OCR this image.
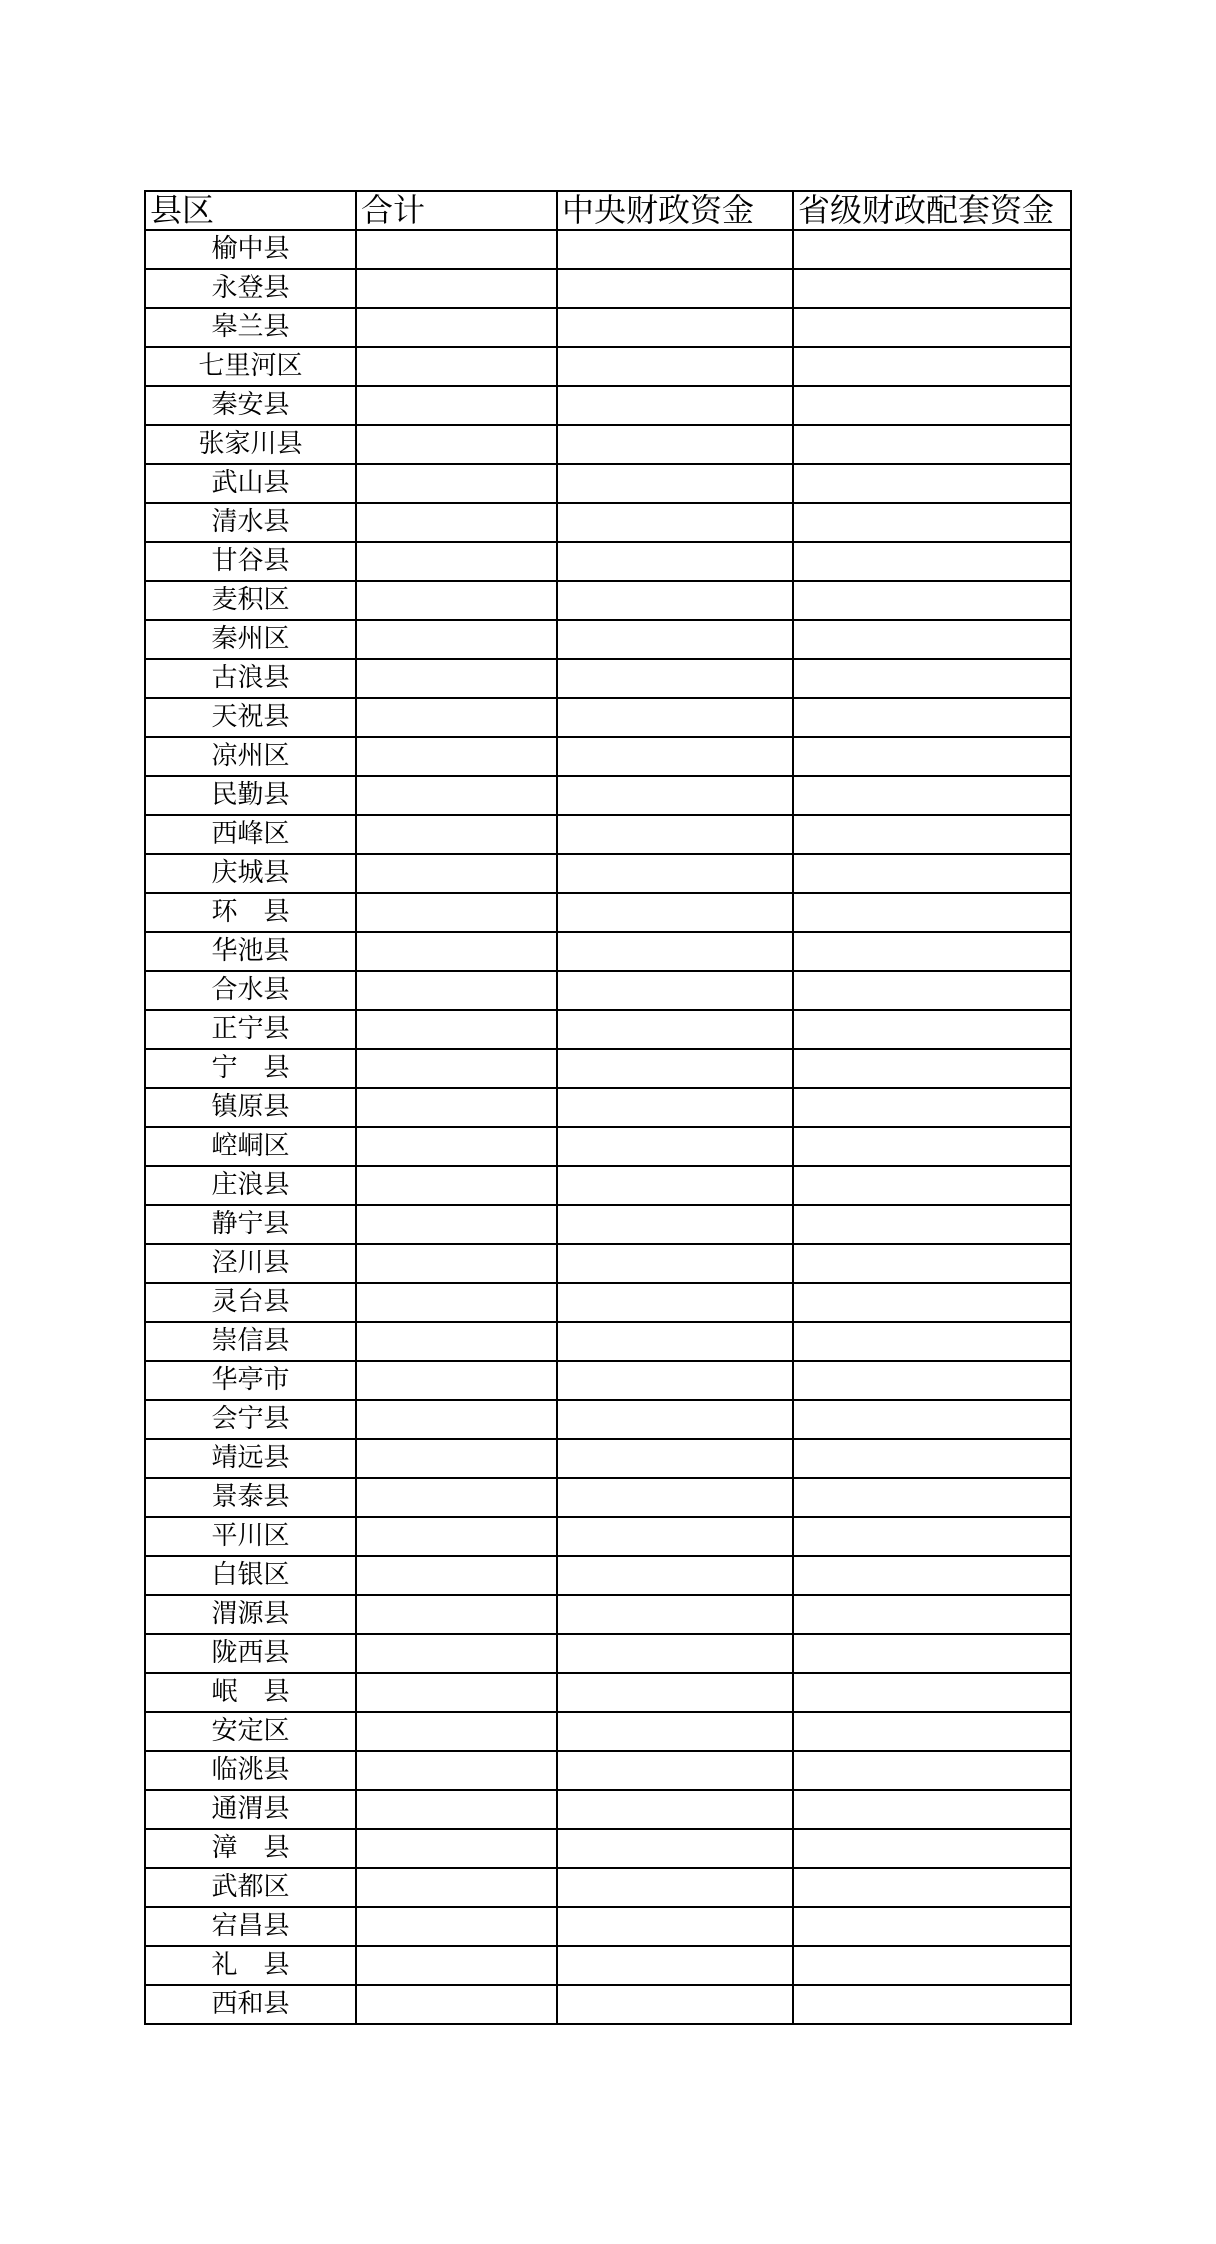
县区	合计	中央财政资金	省级财政配套资金
榆中县			
永登县			
皋兰县			
七里河区			
秦安县			
张家川县			
武山县			
清水县			
甘谷县			
麦积区			
秦州区			
古浪县			
天祝县			
凉州区			
民勤县			
西峰区			
庆城县			
环　县			
华池县			
合水县			
正宁县			
宁　县			
镇原县			
崆峒区			
庄浪县			
静宁县			
泾川县			
灵台县			
崇信县			
华亭市			
会宁县			
靖远县			
景泰县			
平川区			
白银区			
渭源县			
陇西县			
岷　县			
安定区			
临洮县			
通渭县			
漳　县			
武都区			
宕昌县			
礼　县			
西和县			
